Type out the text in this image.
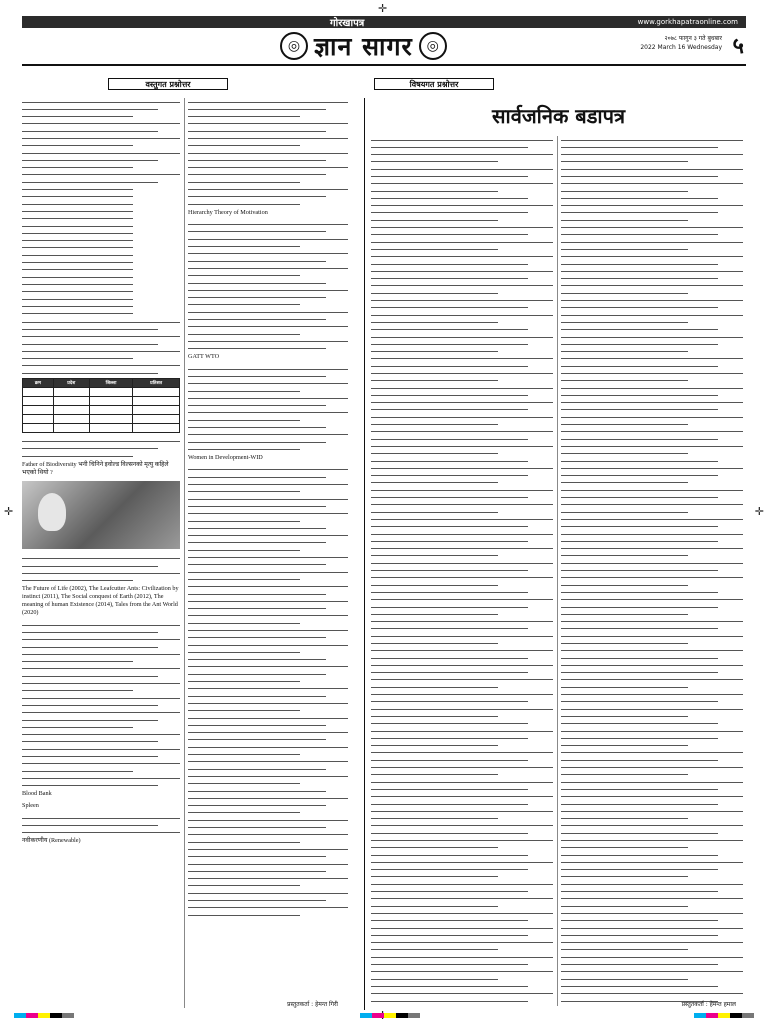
✛
✛	✛
गोरखापत्र	www.gorkhapatraonline.com
◎ ज्ञान सागर ◎	२०७८ फागुन ३ गते बुधबार
2022 March 16 Wednesday ५
वस्तुगत प्रश्नोत्तर	विषयगत प्रश्नोत्तर
क्रम	प्रदेश	जिल्ला	प्रतिशत

Father of Biodiversity भनी चिनिने इवोल्ड विल्सनको मृत्यु कहिले भएको थियो ?
The Future of Life (2002), The Leafcutter Ants: Civilization by instinct (2011), The Social conquest of Earth (2012), The meaning of human Existence (2014), Tales from the Ant World (2020)
Blood Bank
Spleen
नवीकरणीय (Renewable)
Hierarchy Theory of Motivation
GATT WTO
Women in Development-WID
प्रस्तुतकर्ता : हेमन्त गिरी
सार्वजनिक बडापत्र
प्रस्तुतकर्ता : हेमन्त हमाल
